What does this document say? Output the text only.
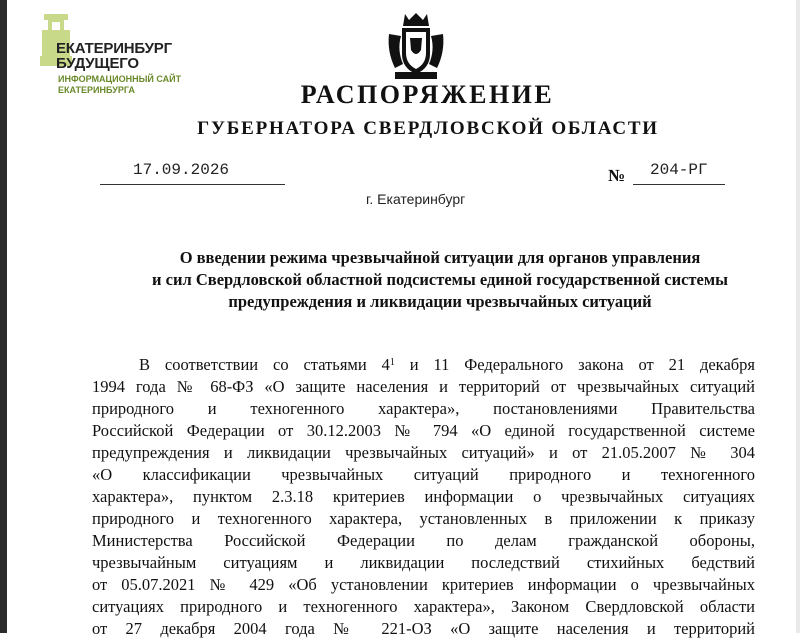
ЕКАТЕРИНБУРГ
БУДУЩЕГО
ИНФОРМАЦИОННЫЙ САЙТ
ЕКАТЕРИНБУРГА	РАСПОРЯЖЕНИЕ
ГУБЕРНАТОРА СВЕРДЛОВСКОЙ ОБЛАСТИ
17.09.2026	№ 204-РГ
г. Екатеринбург
О введении режима чрезвычайной ситуации для органов управления
и сил Свердловской областной подсистемы единой государственной системы
предупреждения и ликвидации чрезвычайных ситуаций
В соответствии со статьями $4^1$ и 11 Федерального закона от 21 декабря
1994 года № 68-ФЗ «О защите населения и территорий от чрезвычайных ситуаций
природного и техногенного характера», постановлениями Правительства
Российской Федерации от 30.12.2003 № 794 «О единой государственной системе
предупреждения и ликвидации чрезвычайных ситуаций» и от 21.05.2007 № 304
«О классификации чрезвычайных ситуаций природного и техногенного
характера», пунктом 2.3.18 критериев информации о чрезвычайных ситуациях
природного и техногенного характера, установленных в приложении к приказу
Министерства Российской Федерации по делам гражданской обороны,
чрезвычайным ситуациям и ликвидации последствий стихийных бедствий
от 05.07.2021 № 429 «Об установлении критериев информации о чрезвычайных
ситуациях природного и техногенного характера», Законом Свердловской области
от 27 декабря 2004 года № 221-ОЗ «О защите населения и территорий
